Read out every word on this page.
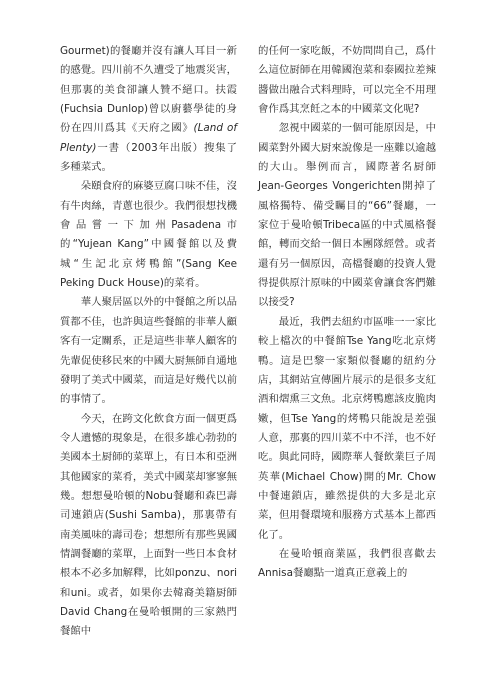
Gourmet)的餐廳并沒有讓人耳目一新的感覺。四川前不久遭受了地震災害，但那裏的美食卻讓人贊不絕口。扶霞(Fuchsia Dunlop)曾以廚藝學徒的身份在四川爲其《天府之國》(Land of Plenty)一書（2003年出版）搜集了多種菜式。

朵頤食府的麻婆豆腐口味不佳，沒有牛肉絲，青蔥也很少。我們很想找機會品嘗一下加州Pasadena市的“Yujean Kang”中國餐館以及費城“生記北京烤鴨館”(Sang Kee Peking Duck House)的菜肴。

華人聚居區以外的中餐館之所以品質都不佳，也許與這些餐館的非華人顧客有一定關系，正是這些非華人顧客的先輩促使移民來的中國大厨無師自通地發明了美式中國菜，而這是好幾代以前的事情了。

今天，在跨文化飲食方面一個更爲令人遺憾的現象是，在很多雄心勃勃的美國本土厨師的菜單上，有日本和亞洲其他國家的菜肴，美式中國菜却寥寥無幾。想想曼哈頓的Nobu餐廳和森巴壽司連鎖店(Sushi Samba)，那裏帶有南美風味的壽司卷；想想所有那些異國情調餐廳的菜單，上面對一些日本食材根本不必多加解釋，比如ponzu、nori和uni。或者，如果你去韓裔美籍厨師David Chang在曼哈頓開的三家熱門餐館中

的任何一家吃飯，不妨問問自己，爲什么這位厨師在用韓國泡菜和泰國拉差辣醬做出融合式料理時，可以完全不用理會作爲其烹飪之本的中國菜文化呢?

忽視中國菜的一個可能原因是，中國菜對外國大厨來說像是一座難以逾越的大山。舉例而言，國際著名厨師Jean-Georges Vongerichten開掉了風格獨特、備受矚目的“66”餐廳，一家位于曼哈頓Tribeca區的中式風格餐館，轉而交給一個日本團隊經營。或者還有另一個原因，高檔餐廳的投資人覺得提供原汁原味的中國菜會讓食客們難以接受?

最近，我們去紐約市區唯一一家比較上檔次的中餐館Tse Yang吃北京烤鴨。這是巴黎一家類似餐廳的紐約分店，其網站宣傳圖片展示的是很多支紅酒和熠熏三文魚。北京烤鴨應該皮脆肉嫩，但Tse Yang的烤鴨只能說是差强人意，那裏的四川菜不中不洋，也不好吃。與此同時，國際華人餐飲業巨子周英華(Michael Chow)開的Mr. Chow中餐連鎖店，雖然提供的大多是北京菜，但用餐環境和服務方式基本上都西化了。

在曼哈頓商業區，我們很喜歡去Annisa餐廳點一道真正意義上的
